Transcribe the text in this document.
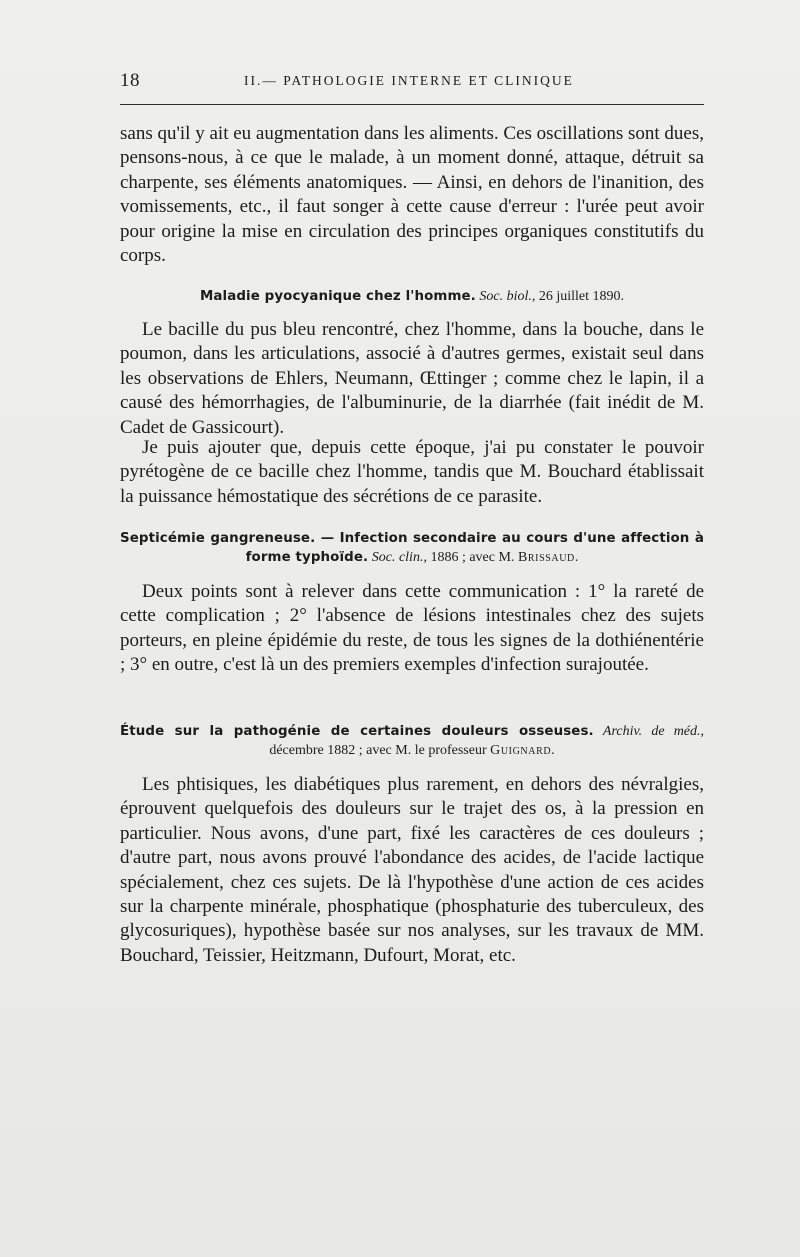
18	II.— PATHOLOGIE INTERNE ET CLINIQUE

sans qu'il y ait eu augmentation dans les aliments. Ces oscillations sont dues, pensons-nous, à ce que le malade, à un moment donné, attaque, détruit sa charpente, ses éléments anatomiques. — Ainsi, en dehors de l'inanition, des vomissements, etc., il faut songer à cette cause d'erreur : l'urée peut avoir pour origine la mise en circulation des principes organiques constitutifs du corps.

Maladie pyocyanique chez l'homme. Soc. biol., 26 juillet 1890.

Le bacille du pus bleu rencontré, chez l'homme, dans la bouche, dans le poumon, dans les articulations, associé à d'autres germes, existait seul dans les observations de Ehlers, Neumann, Œttinger ; comme chez le lapin, il a causé des hémorrhagies, de l'albuminurie, de la diarrhée (fait inédit de M. Cadet de Gassicourt).

Je puis ajouter que, depuis cette époque, j'ai pu constater le pouvoir pyrétogène de ce bacille chez l'homme, tandis que M. Bouchard établissait la puissance hémostatique des sécrétions de ce parasite.

Septicémie gangreneuse. — Infection secondaire au cours d'une affection à forme typhoïde. Soc. clin., 1886 ; avec M. Brissaud.

Deux points sont à relever dans cette communication : 1° la rareté de cette complication ; 2° l'absence de lésions intestinales chez des sujets porteurs, en pleine épidémie du reste, de tous les signes de la dothiénentérie ; 3° en outre, c'est là un des premiers exemples d'infection surajoutée.

Étude sur la pathogénie de certaines douleurs osseuses. Archiv. de méd., décembre 1882 ; avec M. le professeur Guignard.

Les phtisiques, les diabétiques plus rarement, en dehors des névralgies, éprouvent quelquefois des douleurs sur le trajet des os, à la pression en particulier. Nous avons, d'une part, fixé les caractères de ces douleurs ; d'autre part, nous avons prouvé l'abondance des acides, de l'acide lactique spécialement, chez ces sujets. De là l'hypothèse d'une action de ces acides sur la charpente minérale, phosphatique (phosphaturie des tuberculeux, des glycosuriques), hypothèse basée sur nos analyses, sur les travaux de MM. Bouchard, Teissier, Heitzmann, Dufourt, Morat, etc.
